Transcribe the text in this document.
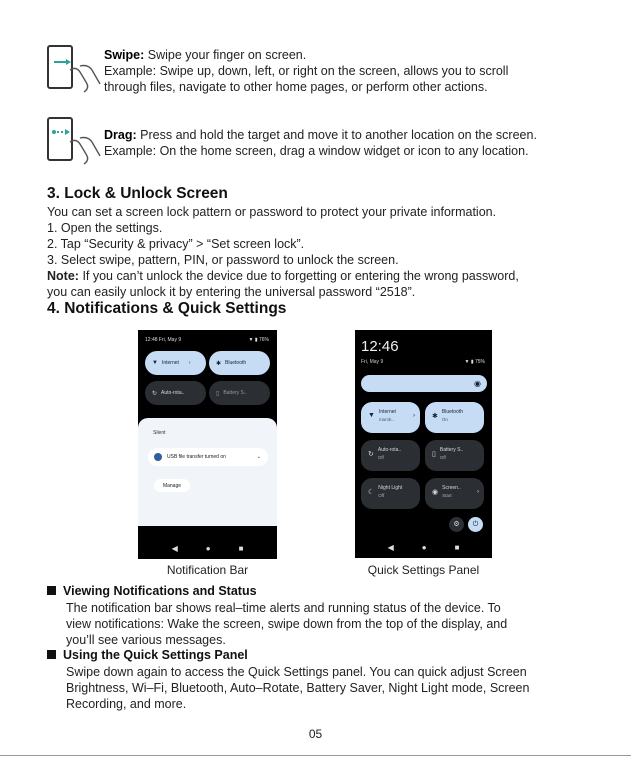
Swipe: Swipe your finger on screen.
Example: Swipe up, down, left, or right on the screen, allows you to scroll
through files, navigate to other home pages, or perform other actions.
Drag: Press and hold the target and move it to another location on the screen.
Example: On the home screen, drag a window widget or icon to any location.
3. Lock & Unlock Screen
You can set a screen lock pattern or password to protect your private information.
1. Open the settings.
2. Tap “Security & privacy” > “Set screen lock”.
3. Select swipe, pattern, PIN, or password to unlock the screen.
Note: If you can’t unlock the device due to forgetting or entering the wrong password,
you can easily unlock it by entering the universal password “2518”.
4. Notifications & Quick Settings
12:48 Fri, May 9	▼ ▮ 76%
▼ Internet ›	✱ Bluetooth
↻ Auto-rota..	▯ Battery S..
Silent
USB file transfer turned on	⌄
Manage
◀	●	■
12:46
Fri, May 9	▼ ▮ 75%
◉
▼ Internet
mamb..
› ✱
Bluetooth
On
↻
Auto-rota..
Off	▯
Battery S..
Off
☾
Night Light
Off	◉
Screen..
Start
›
⚙	⏻
◀	●	■
Notification Bar	Quick Settings Panel
Viewing Notifications and Status
The notification bar shows real–time alerts and running status of the device. To
view notifications: Wake the screen, swipe down from the top of the display, and
you’ll see various messages.
Using the Quick Settings Panel
Swipe down again to access the Quick Settings panel. You can quick adjust Screen
Brightness, Wi–Fi, Bluetooth, Auto–Rotate, Battery Saver, Night Light mode, Screen
Recording, and more.
05
